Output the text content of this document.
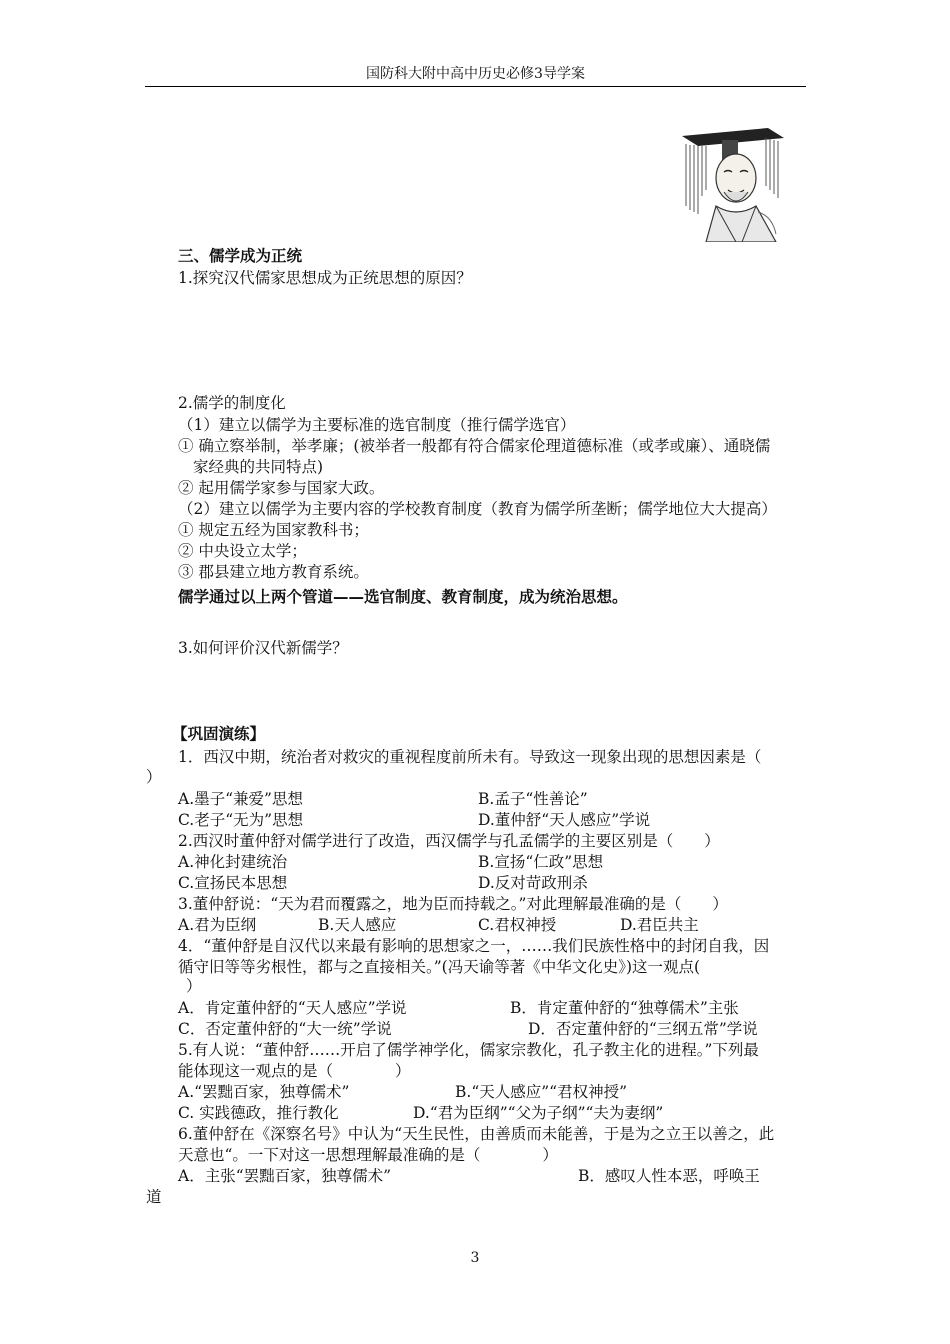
国防科大附中高中历史必修3导学案
三、儒学成为正统
1.探究汉代儒家思想成为正统思想的原因？
2.儒学的制度化
（1）建立以儒学为主要标准的选官制度（推行儒学选官）
① 确立察举制，举孝廉；(被举者一般都有符合儒家伦理道德标准（或孝或廉）、通晓儒
家经典的共同特点)
② 起用儒学家参与国家大政。
（2）建立以儒学为主要内容的学校教育制度（教育为儒学所垄断；儒学地位大大提高）
① 规定五经为国家教科书；
② 中央设立太学；
③ 郡县建立地方教育系统。
儒学通过以上两个管道——选官制度、教育制度，成为统治思想。
3.如何评价汉代新儒学？
【巩固演练】
1．西汉中期，统治者对救灾的重视程度前所未有。导致这一现象出现的思想因素是（
）
A.墨子“兼爱”思想	B.孟子“性善论”
C.老子“无为”思想	D.董仲舒“天人感应”学说
2.西汉时董仲舒对儒学进行了改造，西汉儒学与孔孟儒学的主要区别是（　　）
A.神化封建统治	B.宣扬“仁政”思想
C.宣扬民本思想	D.反对苛政刑杀
3.董仲舒说：“天为君而覆露之，地为臣而持载之。”对此理解最准确的是（　　）
A.君为臣纲	B.天人感应	C.君权神授	D.君臣共主
4．“董仲舒是自汉代以来最有影响的思想家之一，……我们民族性格中的封闭自我，因
循守旧等等劣根性，都与之直接相关。”(冯天谕等著《中华文化史》)这一观点(
）
A．肯定董仲舒的“天人感应”学说	B．肯定董仲舒的“独尊儒术”主张
C．否定董仲舒的“大一统”学说	D．否定董仲舒的“三纲五常”学说
5.有人说：“董仲舒……开启了儒学神学化，儒家宗教化，孔子教主化的进程。”下列最
能体现这一观点的是（　　　　）
A.“罢黜百家，独尊儒术”	B.“天人感应”“君权神授”
C. 实践德政，推行教化	D.“君为臣纲”“父为子纲”“夫为妻纲”
6.董仲舒在《深察名号》中认为“天生民性，由善质而未能善，于是为之立王以善之，此
天意也“。一下对这一思想理解最准确的是（　　　　）
A．主张“罢黜百家，独尊儒术”	B．感叹人性本恶，呼唤王
道
3
